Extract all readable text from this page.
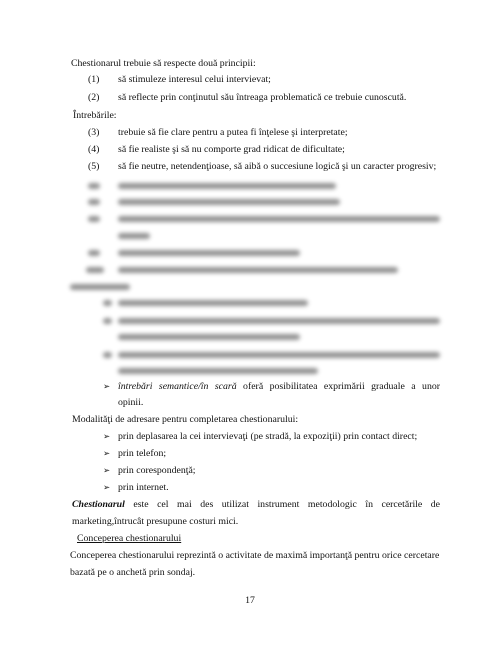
Chestionarul trebuie să respecte două principii:
(1) să stimuleze interesul celui intervievat;
(2) să reflecte prin conţinutul său întreaga problematică ce trebuie cunoscută.
Întrebările:
(3) trebuie să fie clare pentru a putea fi înţelese şi interpretate;
(4) să fie realiste şi să nu comporte grad ridicat de dificultate;
(5) să fie neutre, netendenţioase, să aibă o succesiune logică şi un caracter progresiv;
➢ întrebări semantice/în scară oferă posibilitatea exprimării graduale a unor
opinii.
Modalităţi de adresare pentru completarea chestionarului:
➢ prin deplasarea la cei intervievaţi (pe stradă, la expoziţii) prin contact direct;
➢ prin telefon;
➢ prin corespondenţă;
➢ prin internet.
Chestionarul este cel mai des utilizat instrument metodologic în cercetările de
marketing,întrucât presupune costuri mici.
Conceperea chestionarului
Conceperea chestionarului reprezintă o activitate de maximă importanţă pentru orice cercetare
bazată pe o anchetă prin sondaj.
17
